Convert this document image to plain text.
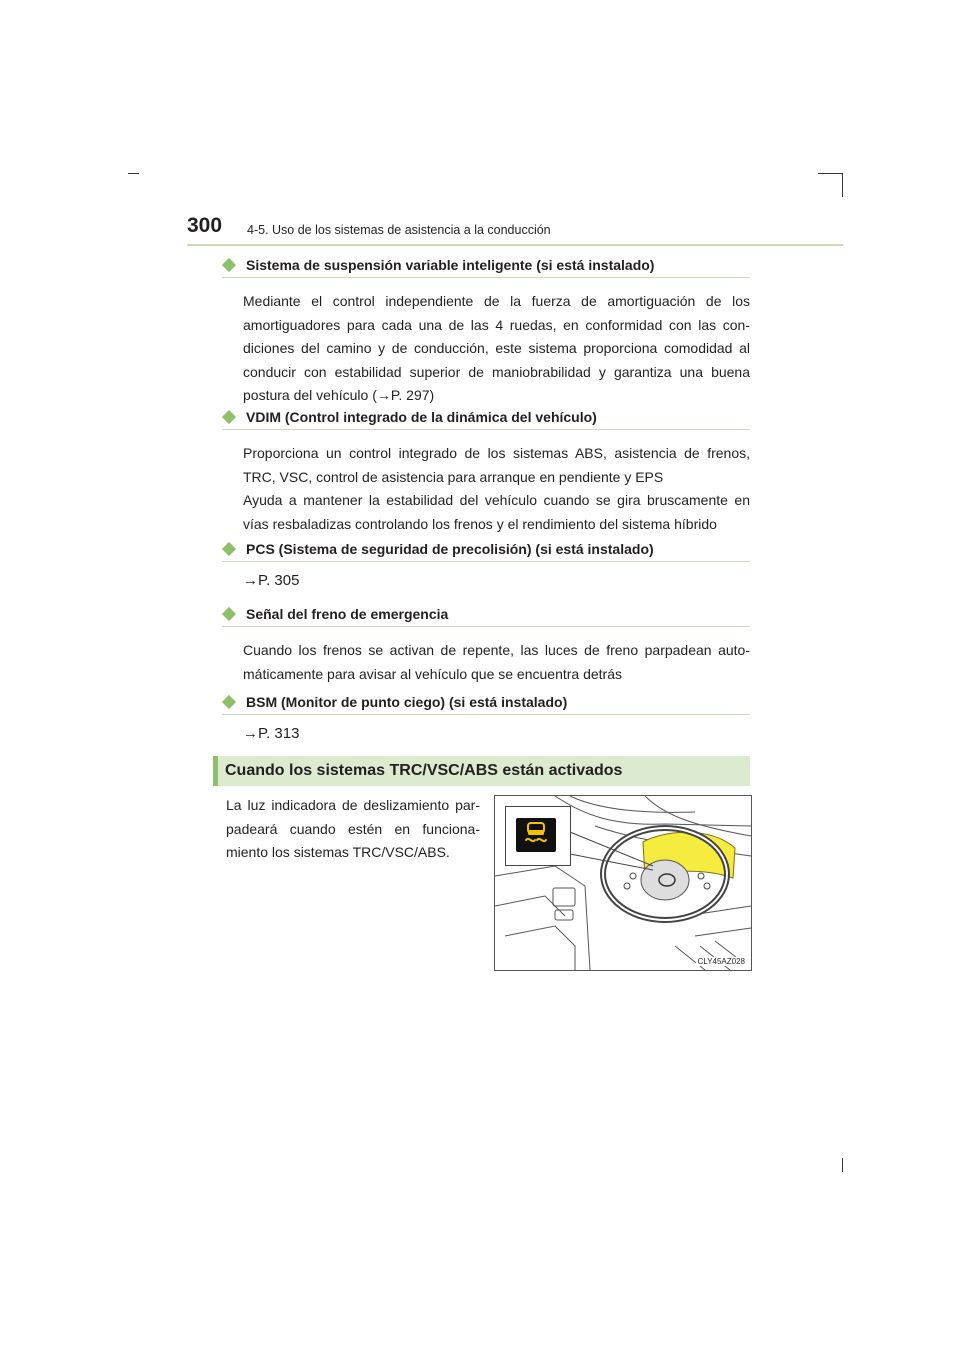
300 4-5. Uso de los sistemas de asistencia a la conducción
Sistema de suspensión variable inteligente (si está instalado)

Mediante el control independiente de la fuerza de amortiguación de los
amortiguadores para cada una de las 4 ruedas, en conformidad con las con-
diciones del camino y de conducción, este sistema proporciona comodidad al
conducir con estabilidad superior de maniobrabilidad y garantiza una buena
postura del vehículo (→P. 297)

VDIM (Control integrado de la dinámica del vehículo)

Proporciona un control integrado de los sistemas ABS, asistencia de frenos,
TRC, VSC, control de asistencia para arranque en pendiente y EPS
Ayuda a mantener la estabilidad del vehículo cuando se gira bruscamente en
vías resbaladizas controlando los frenos y el rendimiento del sistema híbrido

PCS (Sistema de seguridad de precolisión) (si está instalado)

→P. 305

Señal del freno de emergencia

Cuando los frenos se activan de repente, las luces de freno parpadean auto-
máticamente para avisar al vehículo que se encuentra detrás

BSM (Monitor de punto ciego) (si está instalado)

→P. 313

Cuando los sistemas TRC/VSC/ABS están activados
La luz indicadora de deslizamiento par-
padeará cuando estén en funciona-
miento los sistemas TRC/VSC/ABS.
CLY45AZ028
